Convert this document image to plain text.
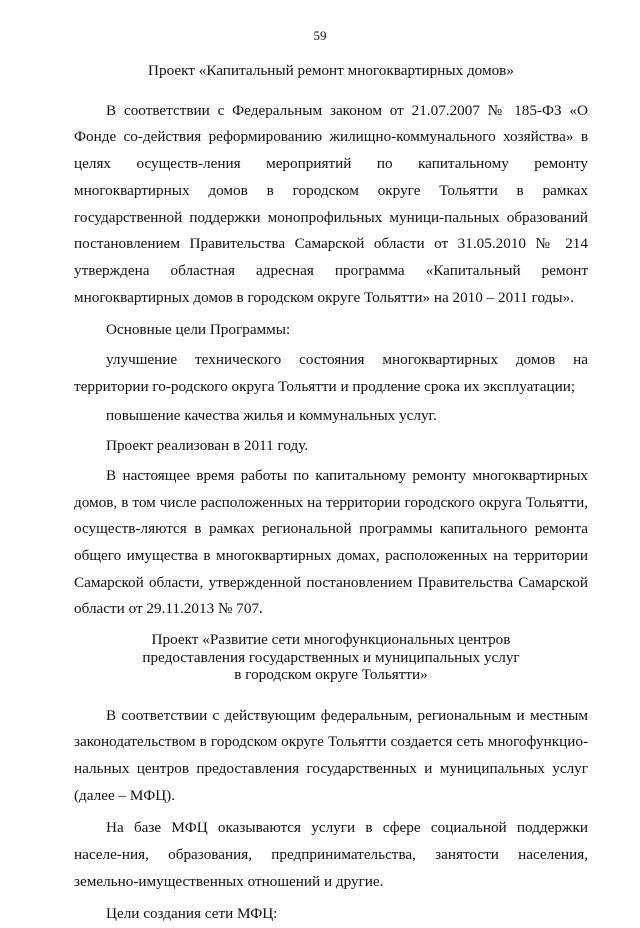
59
Проект «Капитальный ремонт многоквартирных домов»

В соответствии с Федеральным законом от 21.07.2007 № 185-ФЗ «О Фонде со-действия реформированию жилищно-коммунального хозяйства» в целях осуществ-ления мероприятий по капитальному ремонту многоквартирных домов в городском округе Тольятти в рамках государственной поддержки монопрофильных муници-пальных образований постановлением Правительства Самарской области от 31.05.2010 № 214 утверждена областная адресная программа «Капитальный ремонт многоквартирных домов в городском округе Тольятти» на 2010 – 2011 годы».

Основные цели Программы:

улучшение технического состояния многоквартирных домов на территории го-родского округа Тольятти и продление срока их эксплуатации;

повышение качества жилья и коммунальных услуг.

Проект реализован в 2011 году.

В настоящее время работы по капитальному ремонту многоквартирных домов, в том числе расположенных на территории городского округа Тольятти, осуществ-ляются в рамках региональной программы капитального ремонта общего имущества в многоквартирных домах, расположенных на территории Самарской области, утвержденной постановлением Правительства Самарской области от 29.11.2013 № 707.

Проект «Развитие сети многофункциональных центров
предоставления государственных и муниципальных услуг
в городском округе Тольятти»

В соответствии с действующим федеральным, региональным и местным законодательством в городском округе Тольятти создается сеть многофункцио-нальных центров предоставления государственных и муниципальных услуг (далее – МФЦ).

На базе МФЦ оказываются услуги в сфере социальной поддержки населе-ния, образования, предпринимательства, занятости населения, земельно-имущественных отношений и другие.

Цели создания сети МФЦ:
